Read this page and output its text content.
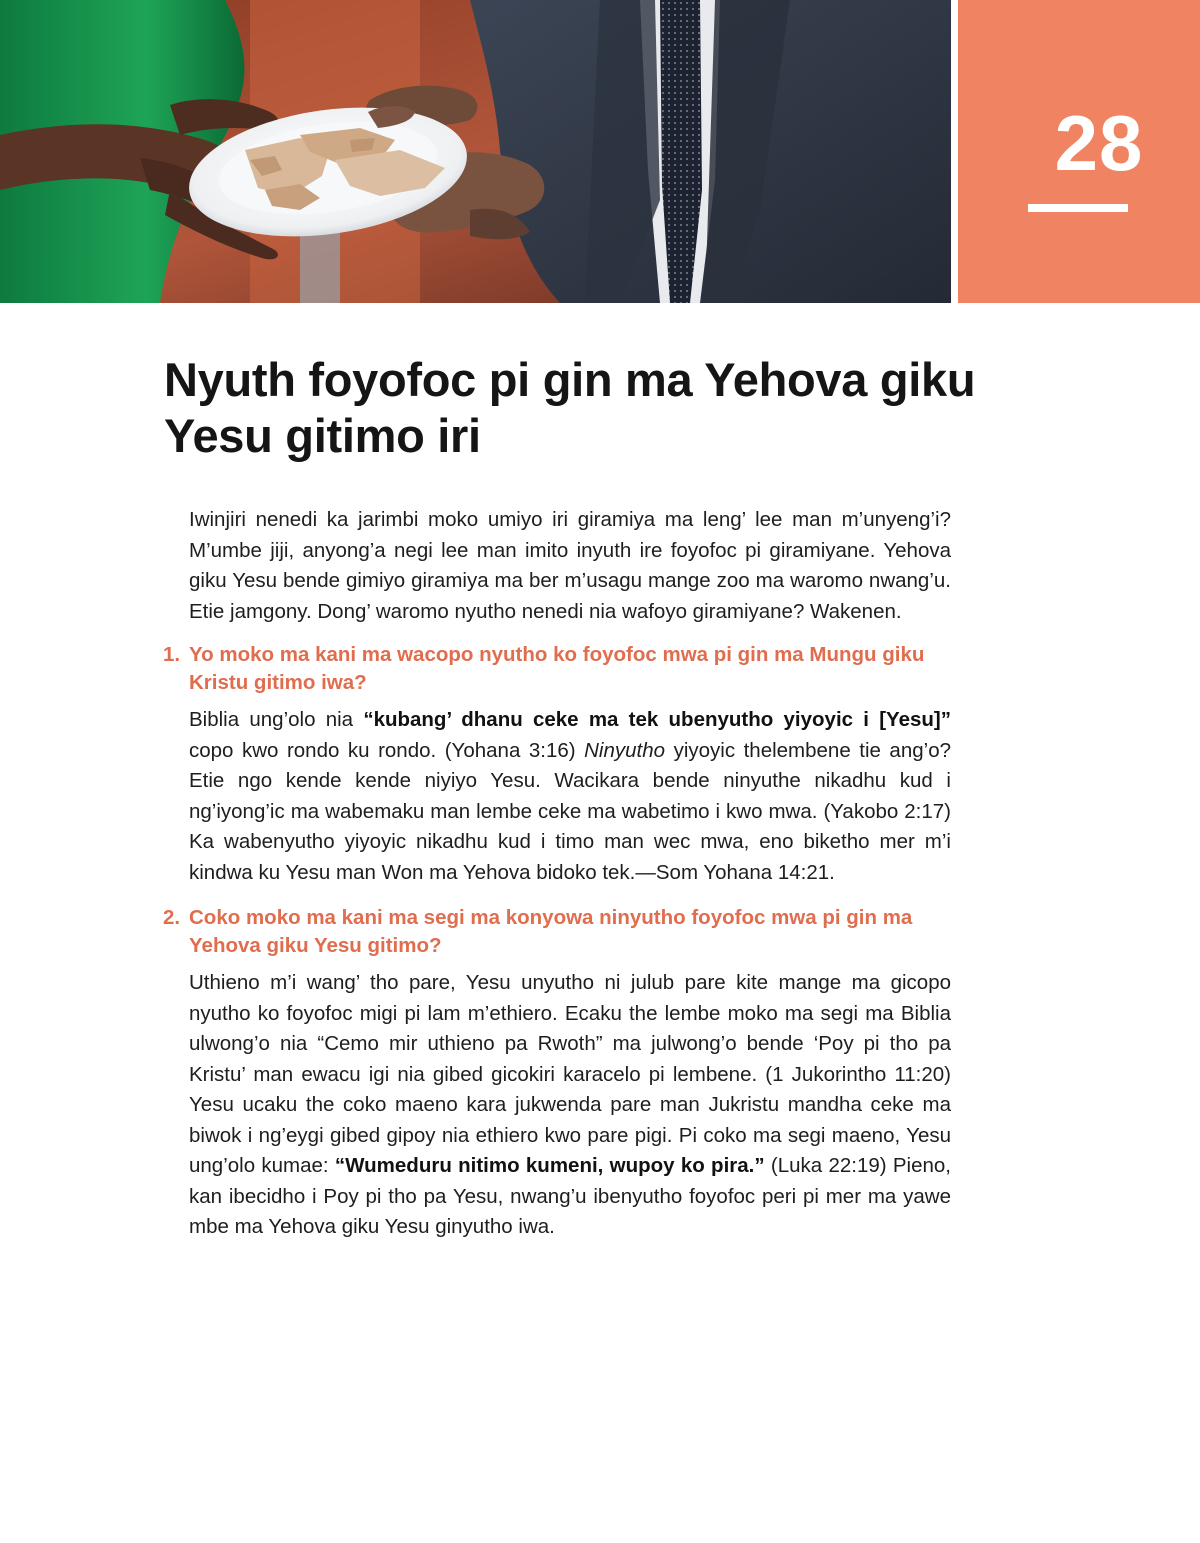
28
Nyuth foyofoc pi gin ma Yehova giku Yesu gitimo iri

Iwinjiri nenedi ka jarimbi moko umiyo iri giramiya ma leng’ lee man m’unyeng’i? M’umbe jiji, anyong’a negi lee man imito inyuth ire foyofoc pi giramiyane. Yehova giku Yesu bende gimiyo giramiya ma ber m’usagu mange zoo ma waromo nwang’u. Etie jamgony. Dong’ waromo nyutho nenedi nia wafoyo giramiyane? Wakenen.

1. Yo moko ma kani ma wacopo nyutho ko foyofoc mwa pi gin ma Mungu giku Kristu gitimo iwa?

Biblia ung’olo nia “kubang’ dhanu ceke ma tek ubenyutho yiyoyic i [Yesu]” copo kwo rondo ku rondo. (Yohana 3:16) Ninyutho yiyoyic thelembene tie ang’o? Etie ngo kende kende niyiyo Yesu. Wacikara bende ninyuthe nikadhu kud i ng’iyong’ic ma wabemaku man lembe ceke ma wabetimo i kwo mwa. (Yakobo 2:17) Ka wabenyutho yiyoyic nikadhu kud i timo man wec mwa, eno biketho mer m’i kindwa ku Yesu man Won ma Yehova bidoko tek.—Som Yohana 14:21.

2. Coko moko ma kani ma segi ma konyowa ninyutho foyofoc mwa pi gin ma Yehova giku Yesu gitimo?

Uthieno m’i wang’ tho pare, Yesu unyutho ni julub pare kite mange ma gicopo nyutho ko foyofoc migi pi lam m’ethiero. Ecaku the lembe moko ma segi ma Biblia ulwong’o nia “Cemo mir uthieno pa Rwoth” ma julwong’o bende ‘Poy pi tho pa Kristu’ man ewacu igi nia gibed gicokiri karacelo pi lembene. (1 Jukorintho 11:20) Yesu ucaku the coko maeno kara jukwenda pare man Jukristu mandha ceke ma biwok i ng’eygi gibed gipoy nia ethiero kwo pare pigi. Pi coko ma segi maeno, Yesu ung’olo kumae: “Wumeduru nitimo kumeni, wupoy ko pira.” (Luka 22:19) Pieno, kan ibecidho i Poy pi tho pa Yesu, nwang’u ibenyutho foyofoc peri pi mer ma yawe mbe ma Yehova giku Yesu ginyutho iwa.
